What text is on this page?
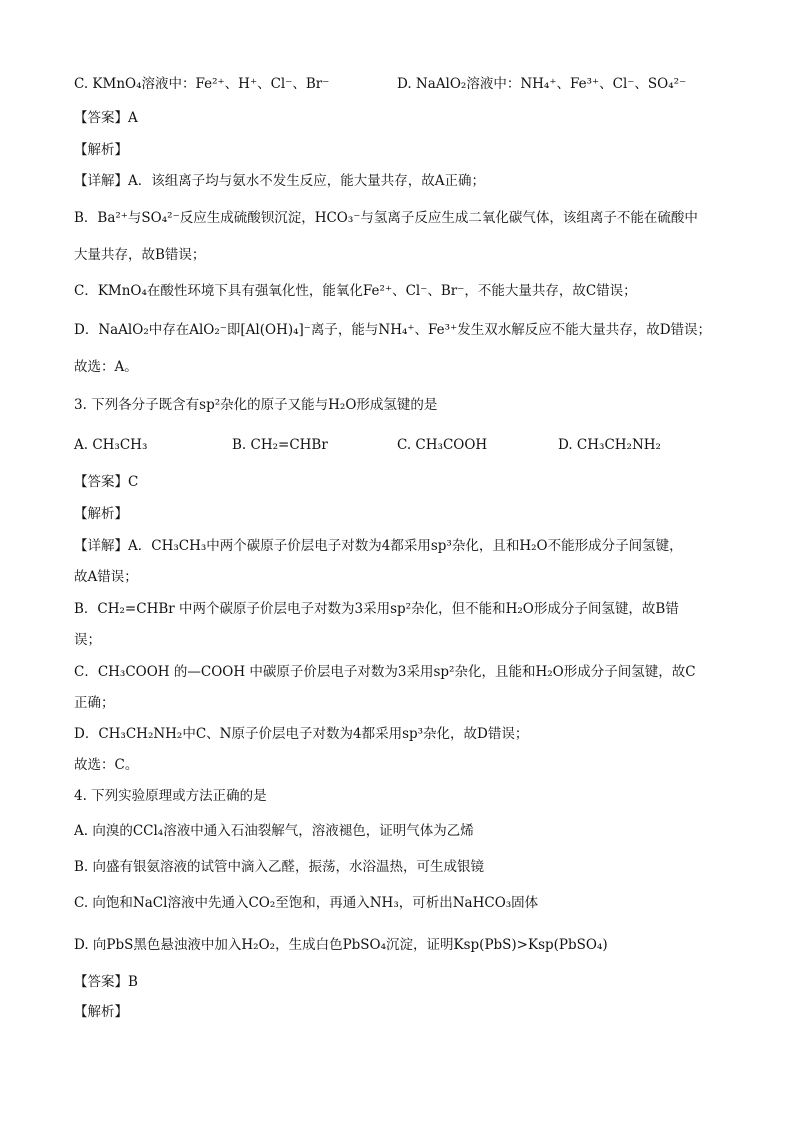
C. KMnO₄溶液中：Fe²⁺、H⁺、Cl⁻、Br⁻	D. NaAlO₂溶液中：NH₄⁺、Fe³⁺、Cl⁻、SO₄²⁻
【答案】A
【解析】
【详解】A．该组离子均与氨水不发生反应，能大量共存，故A正确；
B．Ba²⁺与SO₄²⁻反应生成硫酸钡沉淀，HCO₃⁻与氢离子反应生成二氧化碳气体，该组离子不能在硫酸中
大量共存，故B错误；
C．KMnO₄在酸性环境下具有强氧化性，能氧化Fe²⁺、Cl⁻、Br⁻，不能大量共存，故C错误；
D．NaAlO₂中存在AlO₂⁻即[Al(OH)₄]⁻离子，能与NH₄⁺、Fe³⁺发生双水解反应不能大量共存，故D错误；
故选：A。
3. 下列各分子既含有sp²杂化的原子又能与H₂O形成氢键的是
A. CH₃CH₃	B. CH₂=CHBr	C. CH₃COOH	D. CH₃CH₂NH₂
【答案】C
【解析】
【详解】A．CH₃CH₃中两个碳原子价层电子对数为4都采用sp³杂化，且和H₂O不能形成分子间氢键，
故A错误；
B．CH₂=CHBr 中两个碳原子价层电子对数为3采用sp²杂化，但不能和H₂O形成分子间氢键，故B错
误；
C．CH₃COOH 的—COOH 中碳原子价层电子对数为3采用sp²杂化，且能和H₂O形成分子间氢键，故C
正确；
D．CH₃CH₂NH₂中C、N原子价层电子对数为4都采用sp³杂化，故D错误；
故选：C。
4. 下列实验原理或方法正确的是
A. 向溴的CCl₄溶液中通入石油裂解气，溶液褪色，证明气体为乙烯
B. 向盛有银氨溶液的试管中滴入乙醛，振荡，水浴温热，可生成银镜
C. 向饱和NaCl溶液中先通入CO₂至饱和，再通入NH₃，可析出NaHCO₃固体
D. 向PbS黑色悬浊液中加入H₂O₂，生成白色PbSO₄沉淀，证明Ksp(PbS)>Ksp(PbSO₄)
【答案】B
【解析】
